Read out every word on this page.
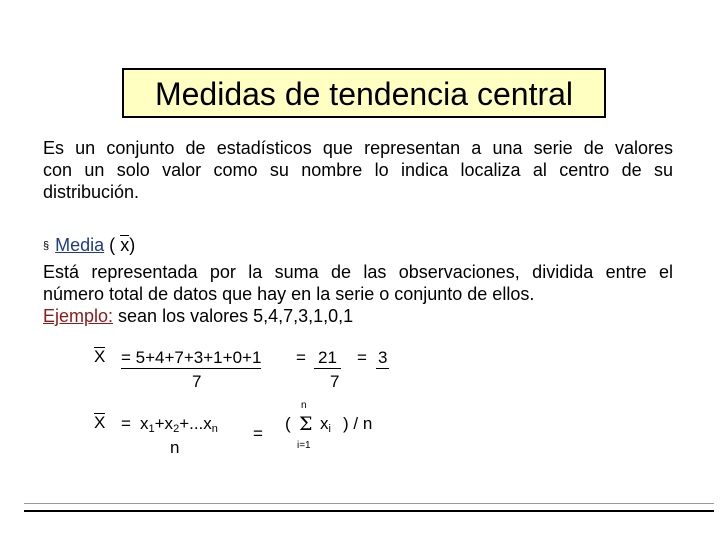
Medidas de tendencia central
Es un conjunto de estadísticos que representan a una serie de valores
con un solo valor como su nombre lo indica localiza al centro de su
distribución.
§ Media ( x)
Está representada por la suma de las observaciones, dividida entre el
número total de datos que hay en la serie o conjunto de ellos.
Ejemplo: sean los valores 5,4,7,3,1,0,1
X = 5+4+7+3+1+0+1 = 21 = 3
7	7
$X = x_1+x_2+...x_n$
n
=
(
n
Σ
i=1
$x_i$ ) / n
